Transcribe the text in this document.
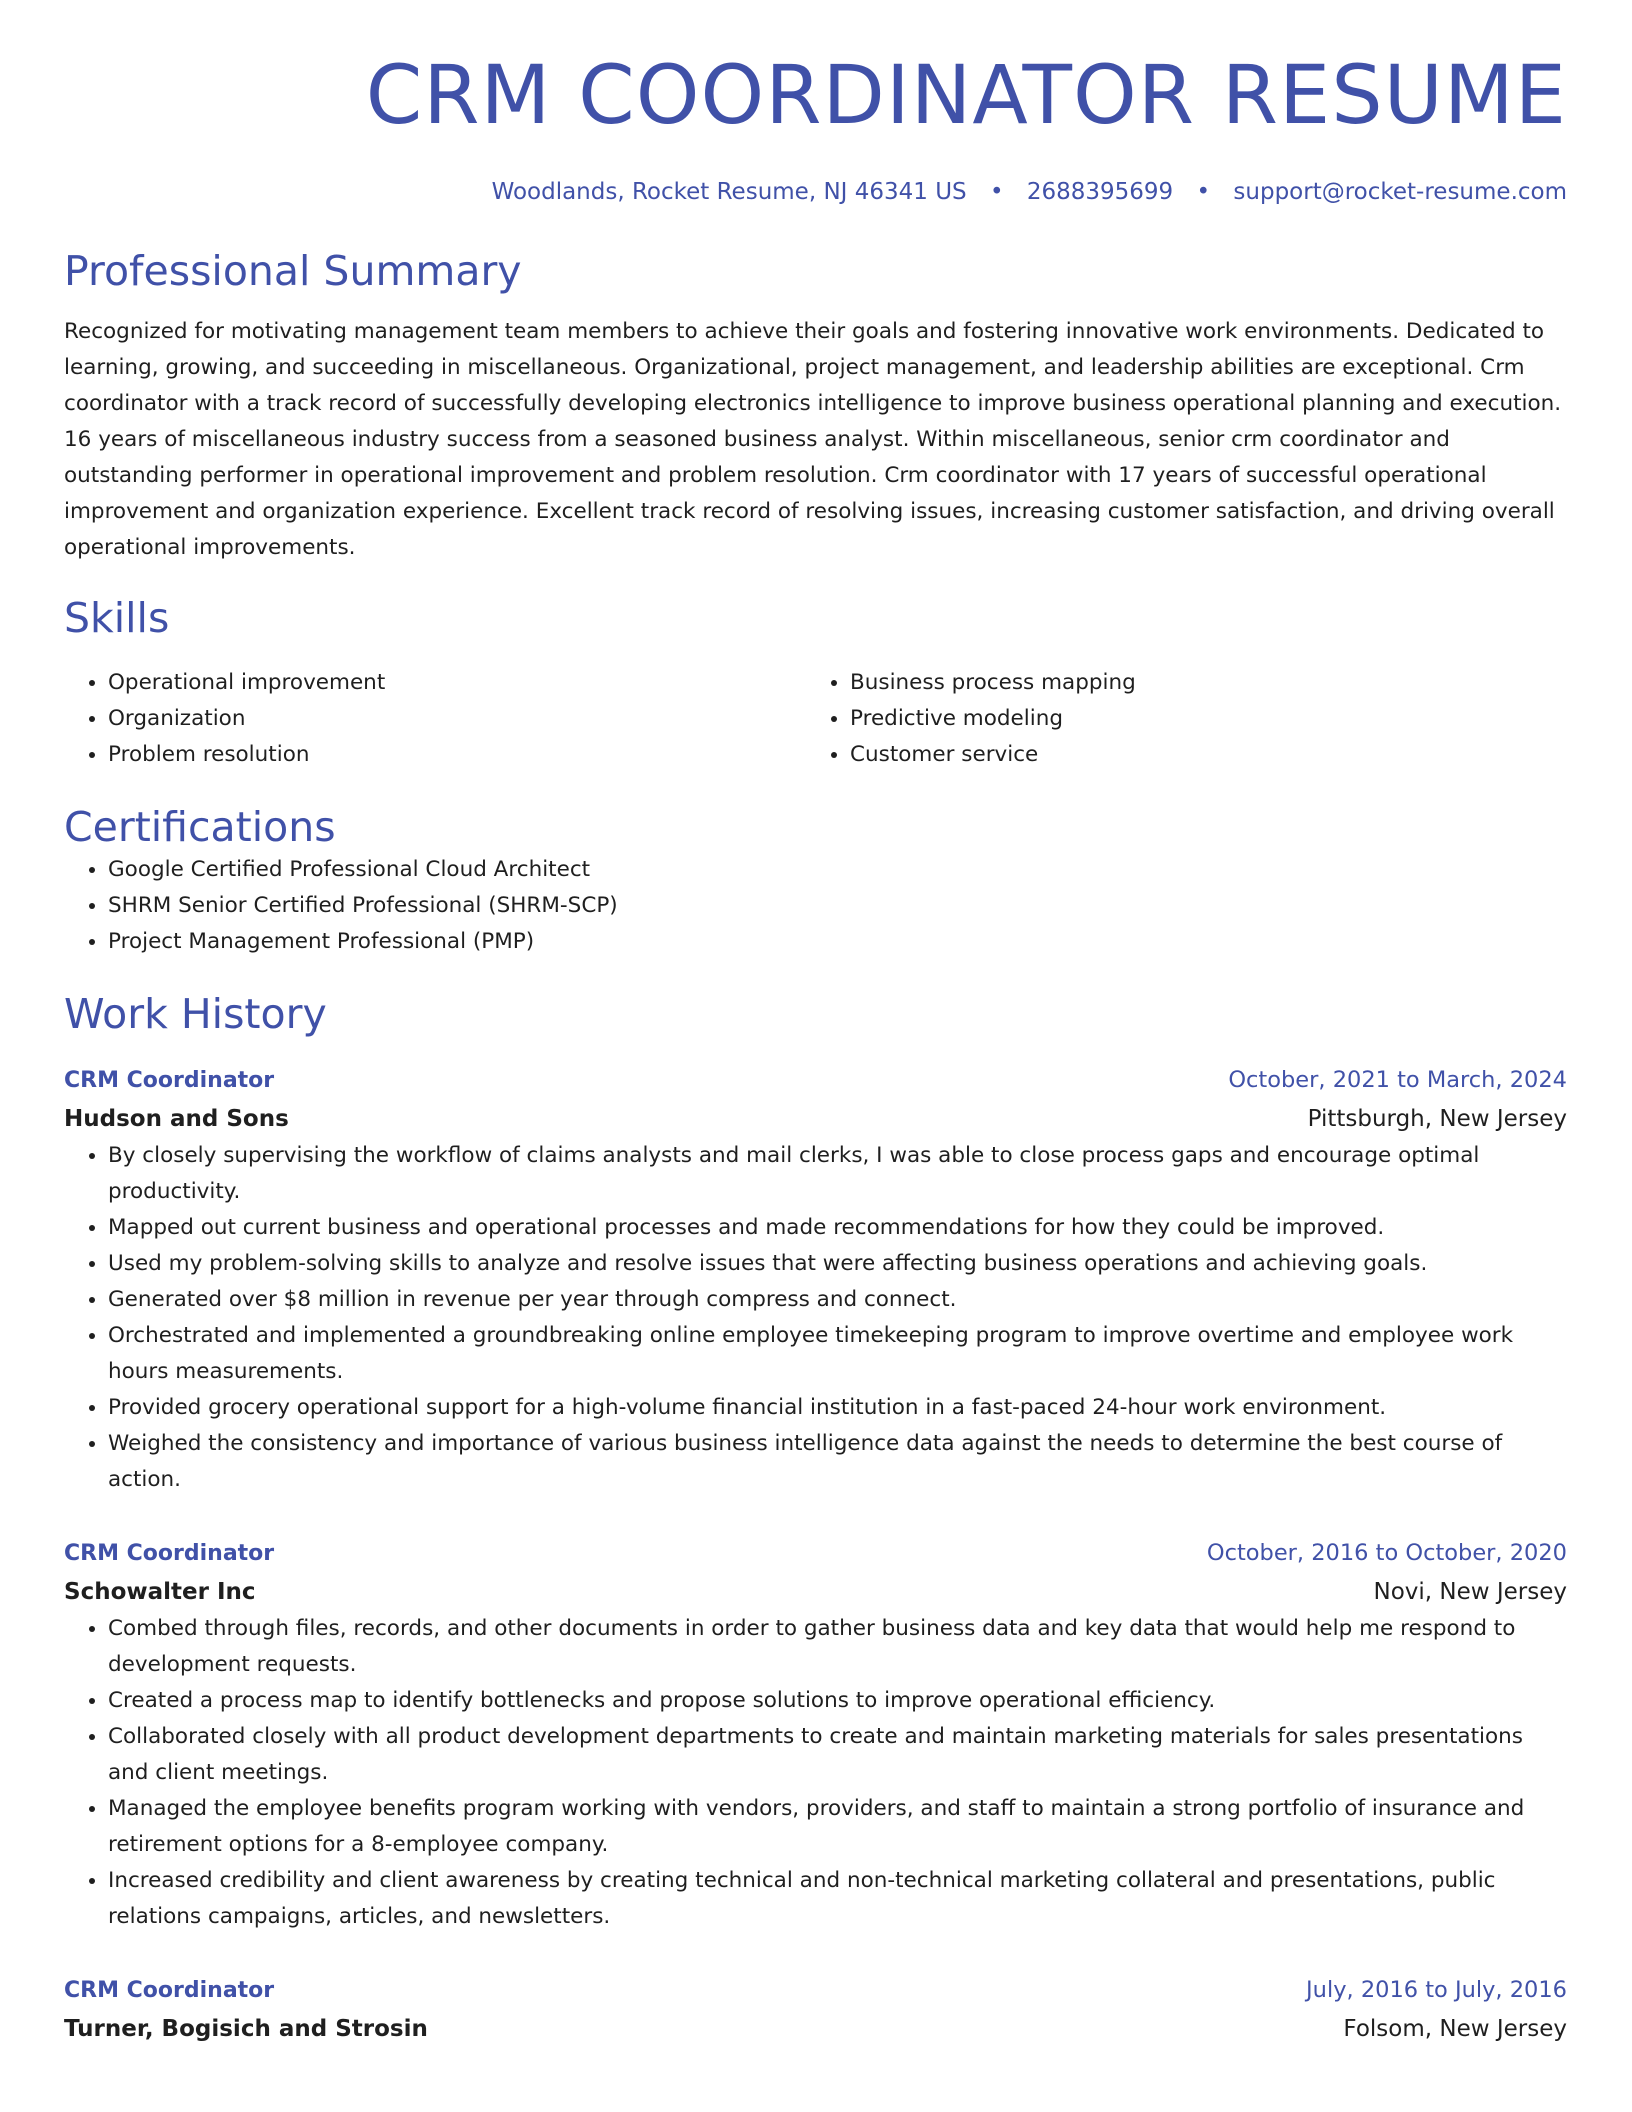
CRM COORDINATOR RESUME
Woodlands, Rocket Resume, NJ 46341 US • 2688395699 • support@rocket-resume.com
Professional Summary
Recognized for motivating management team members to achieve their goals and fostering innovative work environments. Dedicated to learning, growing, and succeeding in miscellaneous. Organizational, project management, and leadership abilities are exceptional. Crm coordinator with a track record of successfully developing electronics intelligence to improve business operational planning and execution. 16 years of miscellaneous industry success from a seasoned business analyst. Within miscellaneous, senior crm coordinator and outstanding performer in operational improvement and problem resolution. Crm coordinator with 17 years of successful operational improvement and organization experience. Excellent track record of resolving issues, increasing customer satisfaction, and driving overall operational improvements.
Skills
• Operational improvement
• Organization
• Problem resolution
• Business process mapping
• Predictive modeling
• Customer service
Certifications
• Google Certified Professional Cloud Architect
• SHRM Senior Certified Professional (SHRM-SCP)
• Project Management Professional (PMP)
Work History
CRM Coordinator	October, 2021 to March, 2024
Hudson and Sons	Pittsburgh, New Jersey
• By closely supervising the workflow of claims analysts and mail clerks, I was able to close process gaps and encourage optimal productivity.
• Mapped out current business and operational processes and made recommendations for how they could be improved.
• Used my problem-solving skills to analyze and resolve issues that were affecting business operations and achieving goals.
• Generated over $8 million in revenue per year through compress and connect.
• Orchestrated and implemented a groundbreaking online employee timekeeping program to improve overtime and employee work hours measurements.
• Provided grocery operational support for a high-volume financial institution in a fast-paced 24-hour work environment.
• Weighed the consistency and importance of various business intelligence data against the needs to determine the best course of action.
CRM Coordinator	October, 2016 to October, 2020
Schowalter Inc	Novi, New Jersey
• Combed through files, records, and other documents in order to gather business data and key data that would help me respond to development requests.
• Created a process map to identify bottlenecks and propose solutions to improve operational efficiency.
• Collaborated closely with all product development departments to create and maintain marketing materials for sales presentations and client meetings.
• Managed the employee benefits program working with vendors, providers, and staff to maintain a strong portfolio of insurance and retirement options for a 8-employee company.
• Increased credibility and client awareness by creating technical and non-technical marketing collateral and presentations, public relations campaigns, articles, and newsletters.
CRM Coordinator	July, 2016 to July, 2016
Turner, Bogisich and Strosin	Folsom, New Jersey
